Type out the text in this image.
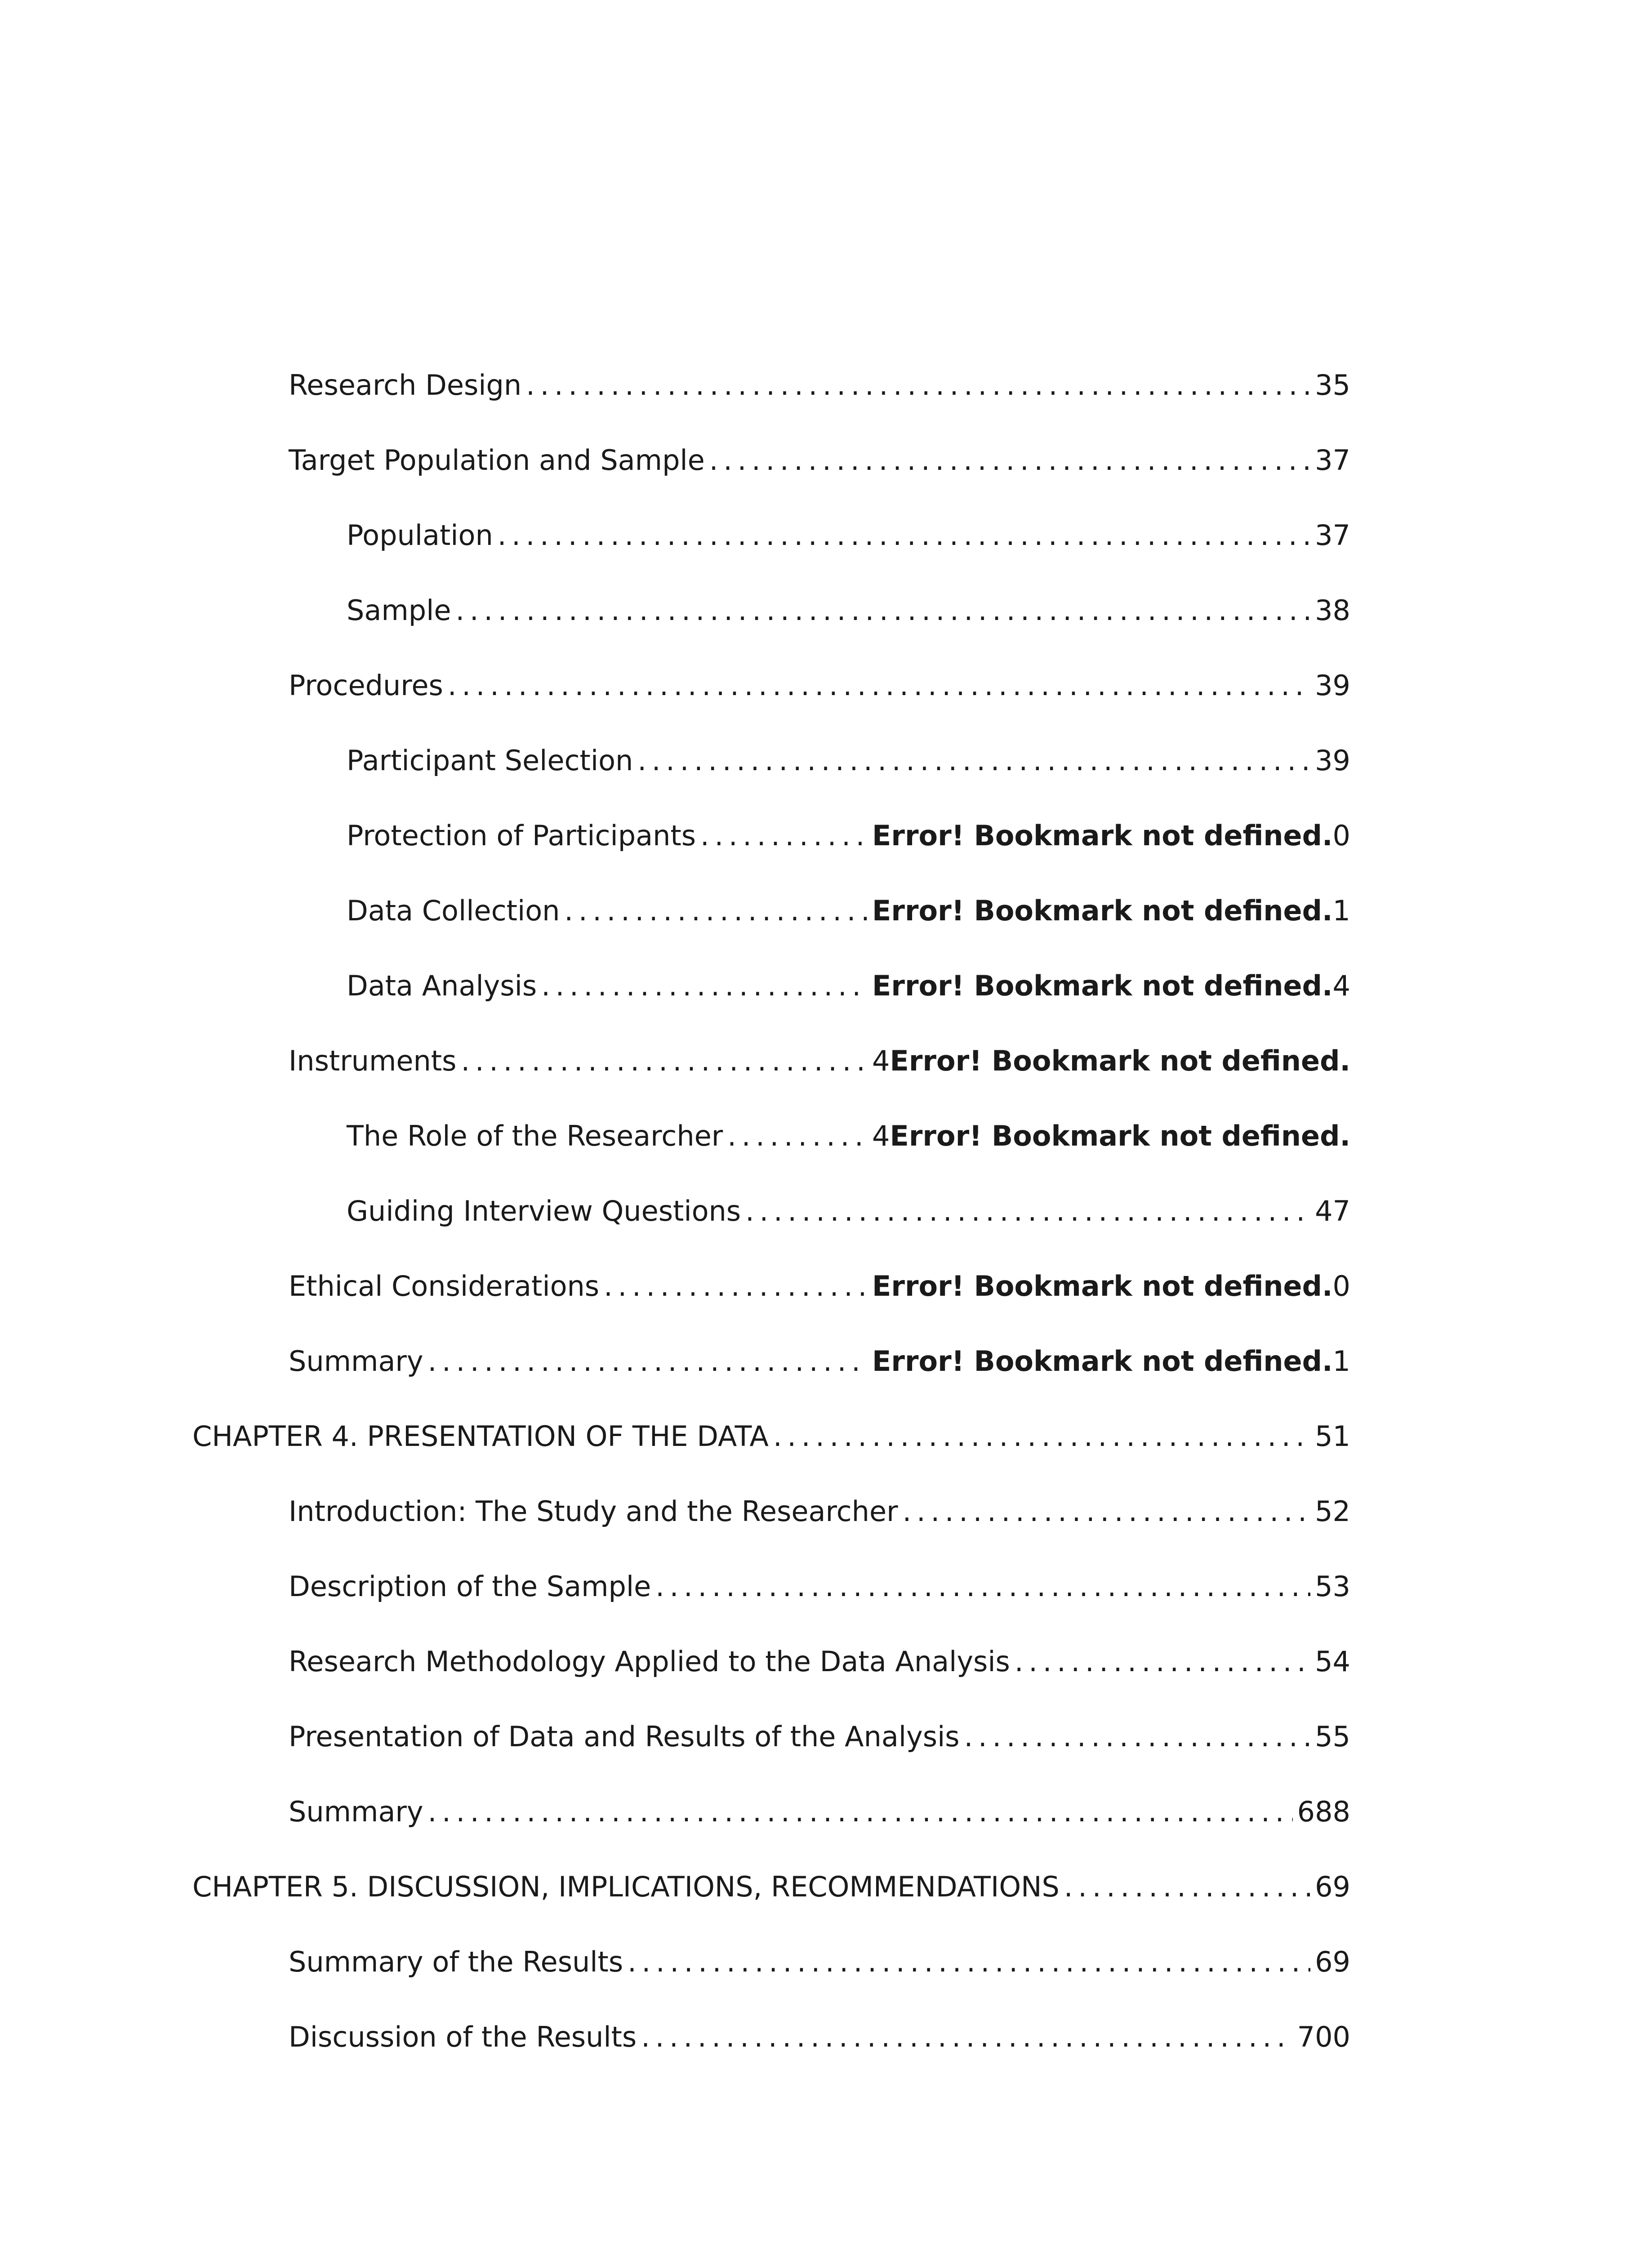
Research Design . . .	35
Target Population and Sample . . .	37
Population . . .	37
Sample . . .	38
Procedures . . .	39
Participant Selection . . .	39
Protection of Participants . . .	Error! Bookmark not defined.0
Data Collection . . .	Error! Bookmark not defined.1
Data Analysis . . .	Error! Bookmark not defined.4
Instruments . . .	4Error! Bookmark not defined.
The Role of the Researcher . . .	4Error! Bookmark not defined.
Guiding Interview Questions . . .	47
Ethical Considerations . . .	Error! Bookmark not defined.0
Summary . . .	Error! Bookmark not defined.1
CHAPTER 4. PRESENTATION OF THE DATA . . .	51
Introduction: The Study and the Researcher . . .	52
Description of the Sample . . .	53
Research Methodology Applied to the Data Analysis . . .	54
Presentation of Data and Results of the Analysis . . .	55
Summary . . .	688
CHAPTER 5. DISCUSSION, IMPLICATIONS, RECOMMENDATIONS . . .	69
Summary of the Results . . .	69
Discussion of the Results . . .	700
